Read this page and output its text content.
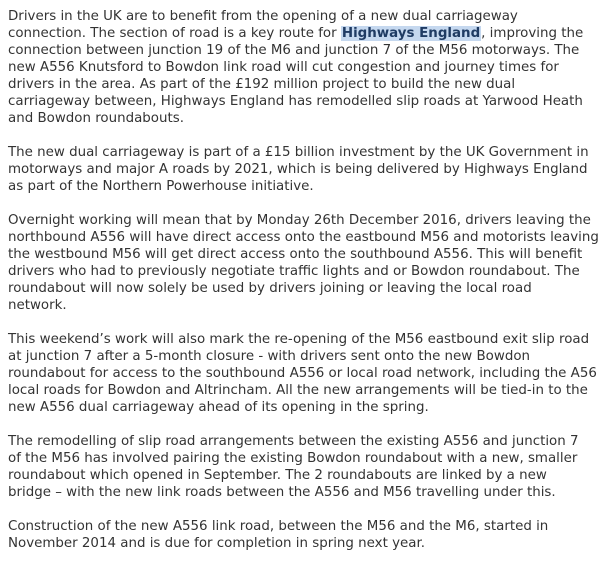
Drivers in the UK are to benefit from the opening of a new dual carriageway
connection. The section of road is a key route for Highways England, improving the
connection between junction 19 of the M6 and junction 7 of the M56 motorways. The
new A556 Knutsford to Bowdon link road will cut congestion and journey times for
drivers in the area. As part of the £192 million project to build the new dual
carriageway between, Highways England has remodelled slip roads at Yarwood Heath
and Bowdon roundabouts.

The new dual carriageway is part of a £15 billion investment by the UK Government in
motorways and major A roads by 2021, which is being delivered by Highways England
as part of the Northern Powerhouse initiative.

Overnight working will mean that by Monday 26th December 2016, drivers leaving the
northbound A556 will have direct access onto the eastbound M56 and motorists leaving
the westbound M56 will get direct access onto the southbound A556. This will benefit
drivers who had to previously negotiate traffic lights and or Bowdon roundabout. The
roundabout will now solely be used by drivers joining or leaving the local road
network.

This weekend’s work will also mark the re-opening of the M56 eastbound exit slip road
at junction 7 after a 5-month closure - with drivers sent onto the new Bowdon
roundabout for access to the southbound A556 or local road network, including the A56
local roads for Bowdon and Altrincham. All the new arrangements will be tied-in to the
new A556 dual carriageway ahead of its opening in the spring.

The remodelling of slip road arrangements between the existing A556 and junction 7
of the M56 has involved pairing the existing Bowdon roundabout with a new, smaller
roundabout which opened in September. The 2 roundabouts are linked by a new
bridge – with the new link roads between the A556 and M56 travelling under this.

Construction of the new A556 link road, between the M56 and the M6, started in
November 2014 and is due for completion in spring next year.
